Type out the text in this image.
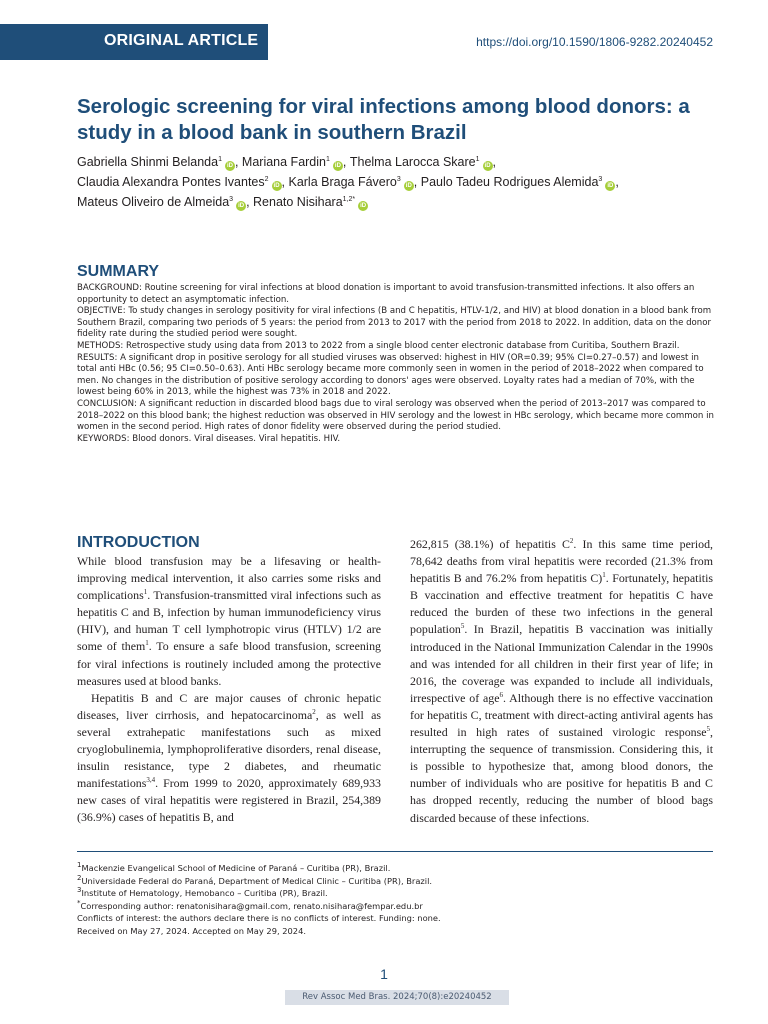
ORIGINAL ARTICLE	https://doi.org/10.1590/1806-9282.20240452
Serologic screening for viral infections among blood donors: a study in a blood bank in southern Brazil
Gabriella Shinmi Belanda$^1$iD , Mariana Fardin$^1$iD , Thelma Larocca Skare$^1$iD ,
Claudia Alexandra Pontes Ivantes$^2$iD , Karla Braga Fávero$^3$iD , Paulo Tadeu Rodrigues Alemida$^3$iD ,
Mateus Oliveiro de Almeida$^3$iD , Renato Nisihara$^{1,2*}$iD
SUMMARY

BACKGROUND: Routine screening for viral infections at blood donation is important to avoid transfusion-transmitted infections. It also offers an opportunity to detect an asymptomatic infection.

OBJECTIVE: To study changes in serology positivity for viral infections (B and C hepatitis, HTLV-1/2, and HIV) at blood donation in a blood bank from Southern Brazil, comparing two periods of 5 years: the period from 2013 to 2017 with the period from 2018 to 2022. In addition, data on the donor fidelity rate during the studied period were sought.

METHODS: Retrospective study using data from 2013 to 2022 from a single blood center electronic database from Curitiba, Southern Brazil.

RESULTS: A significant drop in positive serology for all studied viruses was observed: highest in HIV (OR=0.39; 95% CI=0.27–0.57) and lowest in total anti HBc (0.56; 95 CI=0.50–0.63). Anti HBc serology became more commonly seen in women in the period of 2018–2022 when compared to men. No changes in the distribution of positive serology according to donors' ages were observed. Loyalty rates had a median of 70%, with the lowest being 60% in 2013, while the highest was 73% in 2018 and 2022.

CONCLUSION: A significant reduction in discarded blood bags due to viral serology was observed when the period of 2013–2017 was compared to 2018–2022 on this blood bank; the highest reduction was observed in HIV serology and the lowest in HBc serology, which became more common in women in the second period. High rates of donor fidelity were observed during the period studied.

KEYWORDS: Blood donors. Viral diseases. Viral hepatitis. HIV.

INTRODUCTION

While blood transfusion may be a lifesaving or health-improving medical intervention, it also carries some risks and complications$^1$. Transfusion-transmitted viral infections such as hepatitis C and B, infection by human immunodeficiency virus (HIV), and human T cell lymphotropic virus (HTLV) 1/2 are some of them$^1$. To ensure a safe blood transfusion, screening for viral infections is routinely included among the protective measures used at blood banks.

Hepatitis B and C are major causes of chronic hepatic diseases, liver cirrhosis, and hepatocarcinoma$^2$, as well as several extrahepatic manifestations such as mixed cryoglobulinemia, lymphoproliferative disorders, renal disease, insulin resistance, type 2 diabetes, and rheumatic manifestations$^{3,4}$. From 1999 to 2020, approximately 689,933 new cases of viral hepatitis were registered in Brazil, 254,389 (36.9%) cases of hepatitis B, and

262,815 (38.1%) of hepatitis $C^2$. In this same time period, 78,642 deaths from viral hepatitis were recorded (21.3% from hepatitis B and 76.2% from hepatitis C)$^1$. Fortunately, hepatitis B vaccination and effective treatment for hepatitis C have reduced the burden of these two infections in the general population$^5$. In Brazil, hepatitis B vaccination was initially introduced in the National Immunization Calendar in the 1990s and was intended for all children in their first year of life; in 2016, the coverage was expanded to include all individuals, irrespective of age$^6$. Although there is no effective vaccination for hepatitis C, treatment with direct-acting antiviral agents has resulted in high rates of sustained virologic response$^5$, interrupting the sequence of transmission. Considering this, it is possible to hypothesize that, among blood donors, the number of individuals who are positive for hepatitis B and C has dropped recently, reducing the number of blood bags discarded because of these infections.

$^1$Mackenzie Evangelical School of Medicine of Paraná – Curitiba (PR), Brazil.

$^2$Universidade Federal do Paraná, Department of Medical Clinic – Curitiba (PR), Brazil.

$^3$Institute of Hematology, Hemobanco – Curitiba (PR), Brazil.

*Corresponding author: renatonisihara@gmail.com, renato.nisihara@fempar.edu.br

Conflicts of interest: the authors declare there is no conflicts of interest. Funding: none.

Received on May 27, 2024. Accepted on May 29, 2024.

1
Rev Assoc Med Bras. 2024;70(8):e20240452
